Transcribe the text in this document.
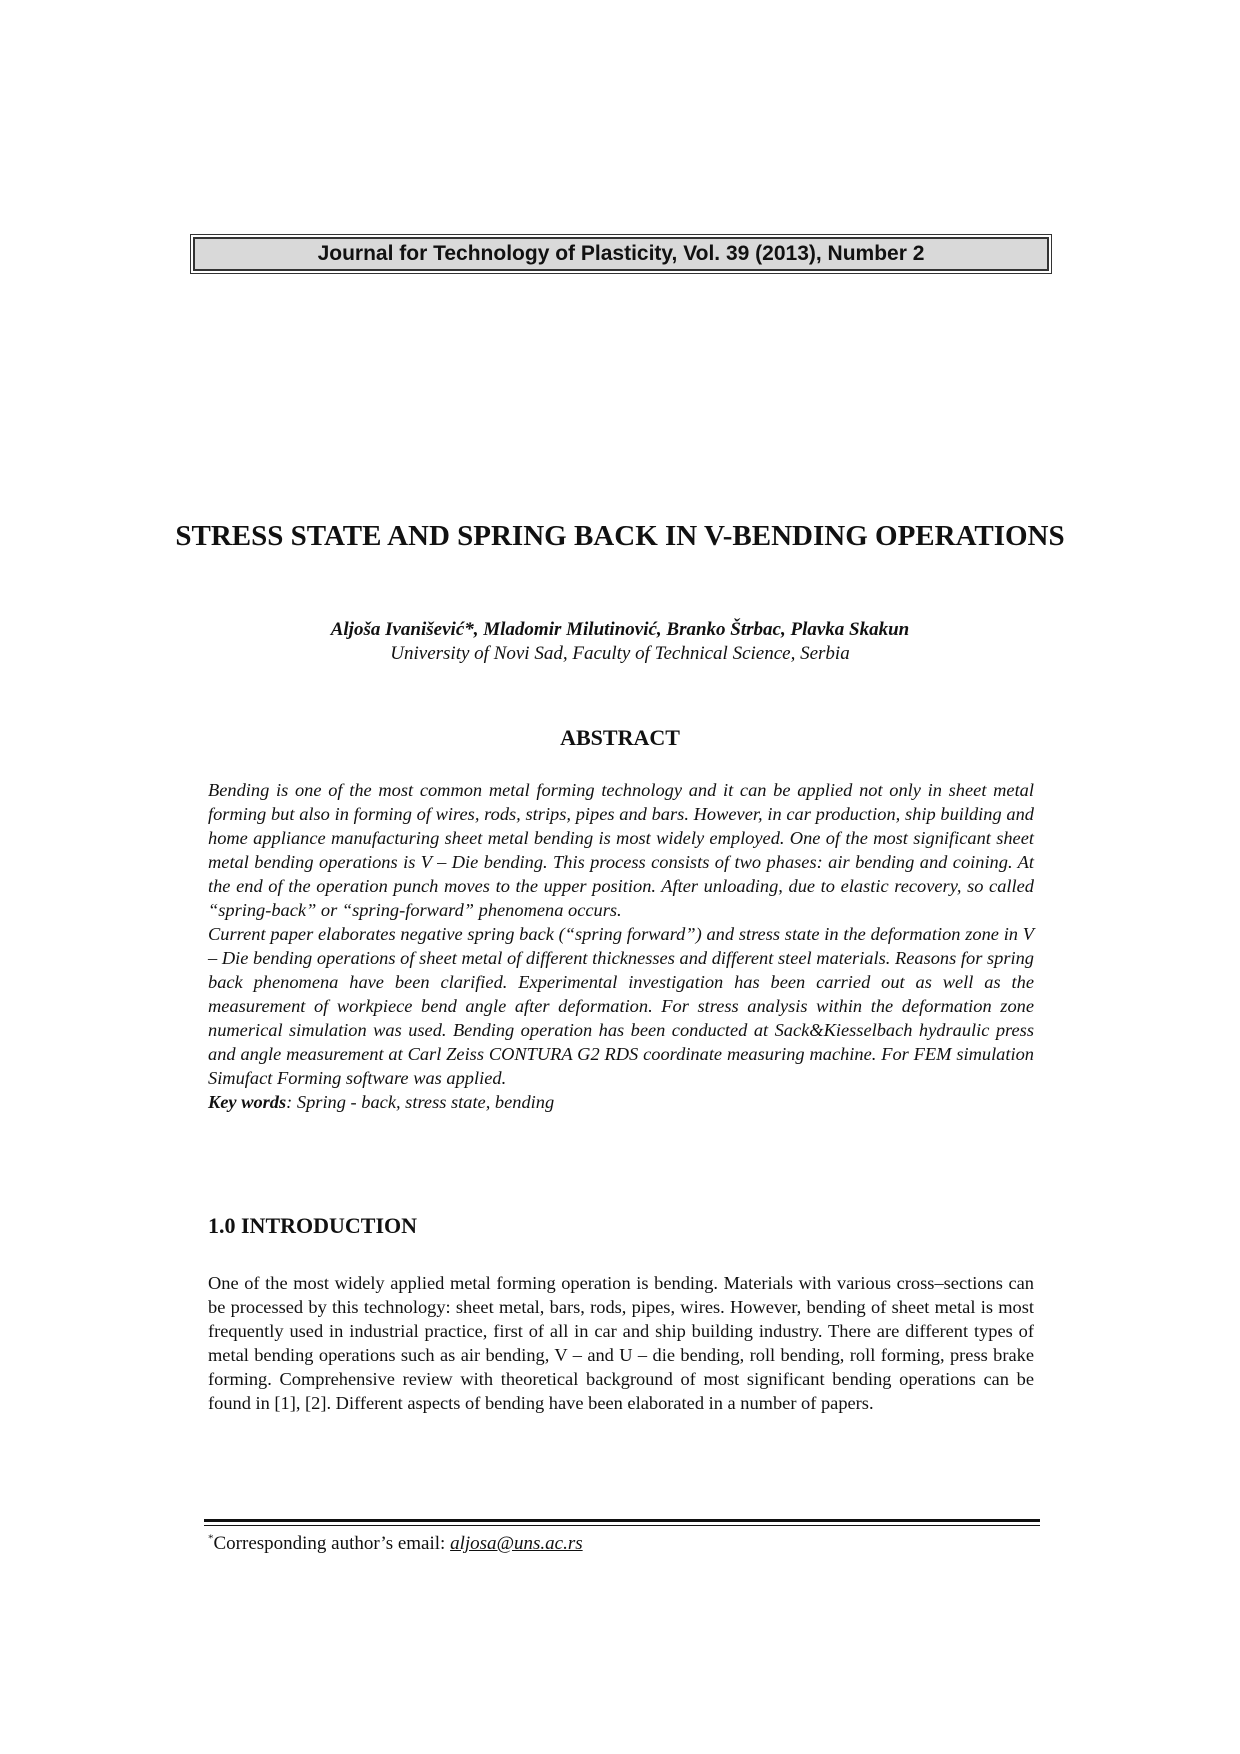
Journal for Technology of Plasticity, Vol. 39 (2013), Number 2
STRESS STATE AND SPRING BACK IN V-BENDING OPERATIONS
Aljoša Ivanišević*, Mladomir Milutinović, Branko Štrbac, Plavka Skakun
University of Novi Sad, Faculty of Technical Science, Serbia
ABSTRACT

Bending is one of the most common metal forming technology and it can be applied not only in sheet metal forming but also in forming of wires, rods, strips, pipes and bars. However, in car production, ship building and home appliance manufacturing sheet metal bending is most widely employed. One of the most significant sheet metal bending operations is V – Die bending. This process consists of two phases: air bending and coining. At the end of the operation punch moves to the upper position. After unloading, due to elastic recovery, so called “spring-back” or “spring-forward” phenomena occurs.

Current paper elaborates negative spring back (“spring forward”) and stress state in the deformation zone in V – Die bending operations of sheet metal of different thicknesses and different steel materials. Reasons for spring back phenomena have been clarified. Experimental investigation has been carried out as well as the measurement of workpiece bend angle after deformation. For stress analysis within the deformation zone numerical simulation was used. Bending operation has been conducted at Sack&Kiesselbach hydraulic press and angle measurement at Carl Zeiss CONTURA G2 RDS coordinate measuring machine. For FEM simulation Simufact Forming software was applied.

Key words: Spring - back, stress state, bending

1.0 INTRODUCTION

One of the most widely applied metal forming operation is bending. Materials with various cross–sections can be processed by this technology: sheet metal, bars, rods, pipes, wires. However, bending of sheet metal is most frequently used in industrial practice, first of all in car and ship building industry. There are different types of metal bending operations such as air bending, V – and U – die bending, roll bending, roll forming, press brake forming. Comprehensive review with theoretical background of most significant bending operations can be found in [1], [2]. Different aspects of bending have been elaborated in a number of papers.

*Corresponding author’s email: aljosa@uns.ac.rs
